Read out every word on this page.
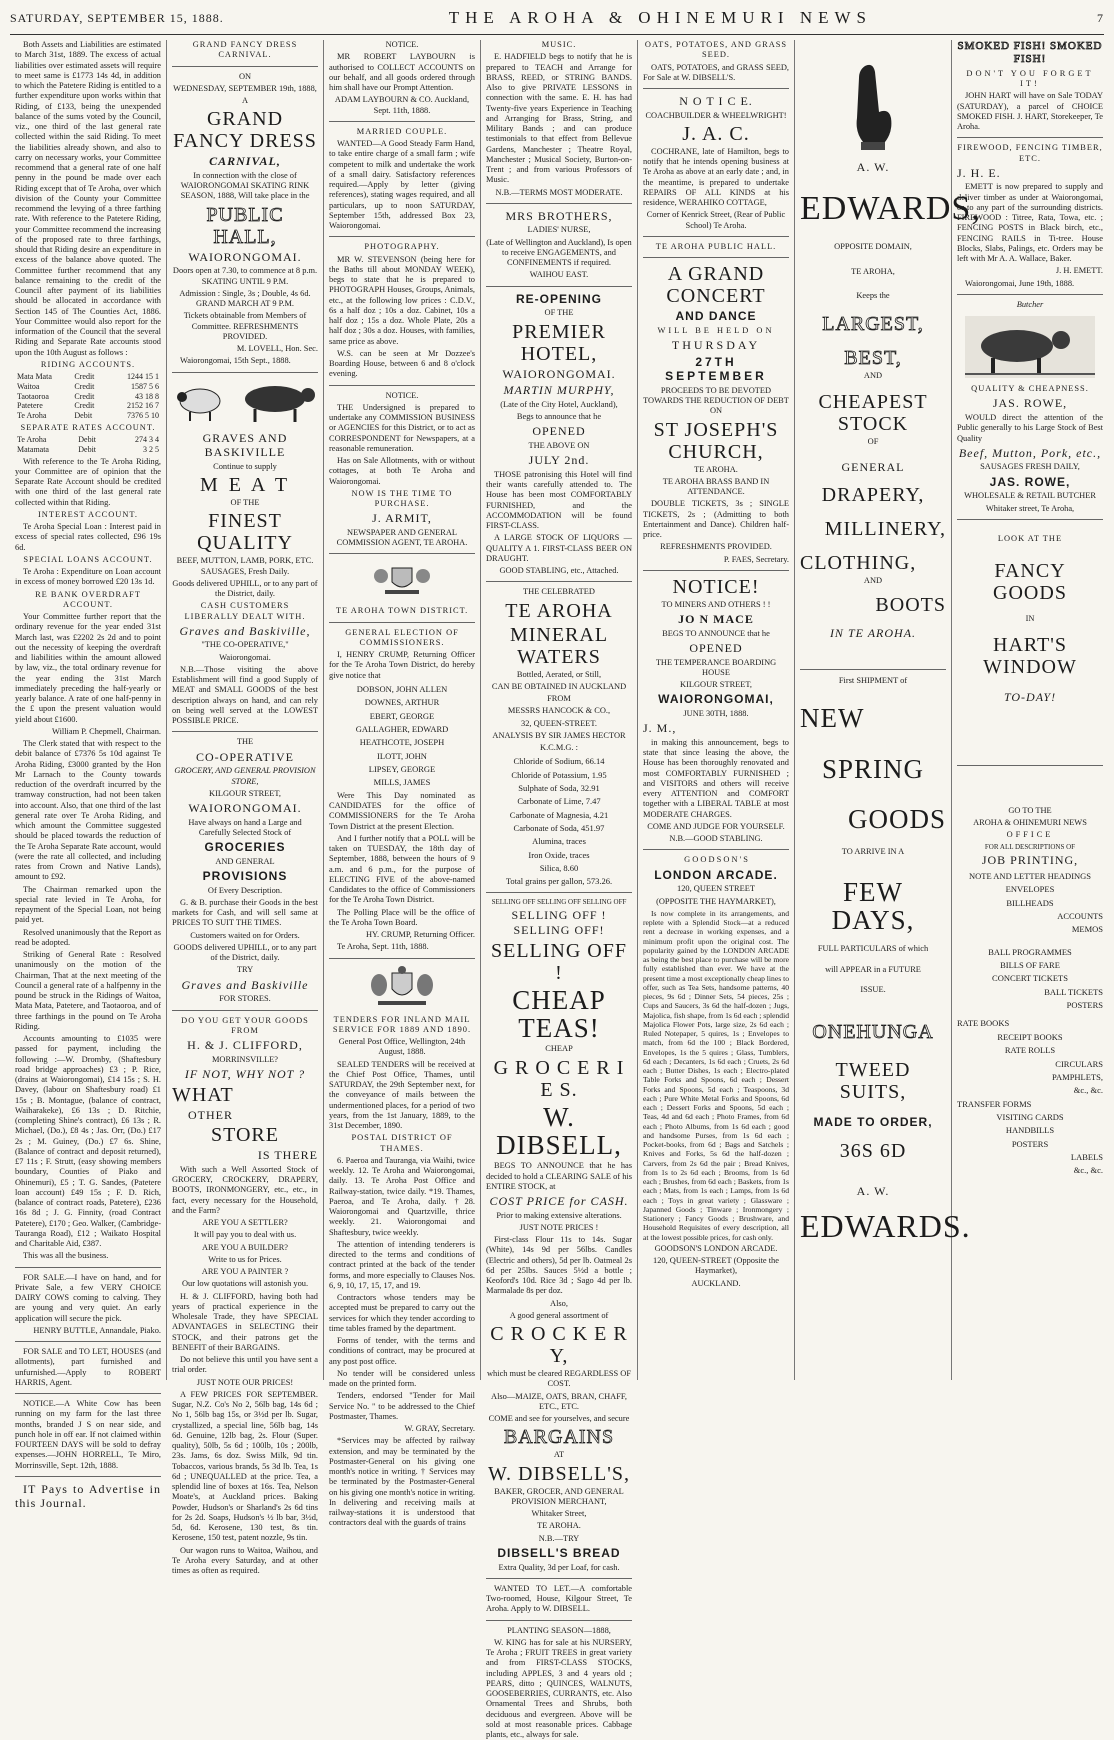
SATURDAY, SEPTEMBER 15, 1888.	THE AROHA & OHINEMURI NEWS	7

Both Assets and Liabilities are estimated to March 31st, 1889. The excess of actual liabilities over estimated assets will require to meet same is £1773 14s 4d, in addition to which the Patetere Riding is entitled to a further expenditure upon works within that Riding, of £133, being the unexpended balance of the sums voted by the Council, viz., one third of the last general rate collected within the said Riding. To meet the liabilities already shown, and also to carry on necessary works, your Committee recommend that a general rate of one half penny in the pound be made over each Riding except that of Te Aroha, over which division of the County your Committee recommend the levying of a three farthing rate. With reference to the Patetere Riding, your Committee recommend the increasing of the proposed rate to three farthings, should that Riding desire an expenditure in excess of the balance above quoted. The Committee further recommend that any balance remaining to the credit of the Council after payment of its liabilities should be allocated in accordance with Section 145 of The Counties Act, 1886. Your Committee would also report for the information of the Council that the several Riding and Separate Rate accounts stood upon the 10th August as follows :

RIDING ACCOUNTS.

Mata Mata	Credit	1244 15 1
Waitoa	Credit	1587 5 6
Taotaoroa	Credit	43 18 8
Patetere	Credit	2152 16 7
Te Aroha	Debit	7376 5 10

SEPARATE RATES ACCOUNT.

Te Aroha	Debit	274 3 4
Matamata	Debit	3 2 5

With reference to the Te Aroha Riding, your Committee are of opinion that the Separate Rate Account should be credited with one third of the last general rate collected within that Riding.

INTEREST ACCOUNT.

Te Aroha Special Loan : Interest paid in excess of special rates collected, £96 19s 6d.

SPECIAL LOANS ACCOUNT.

Te Aroha : Expenditure on Loan account in excess of money borrowed £20 13s 1d.

RE BANK OVERDRAFT ACCOUNT.

Your Committee further report that the ordinary revenue for the year ended 31st March last, was £2202 2s 2d and to point out the necessity of keeping the overdraft and liabilities within the amount allowed by law, viz., the total ordinary revenue for the year ending the 31st March immediately preceding the half-yearly or yearly balance. A rate of one half-penny in the £ upon the present valuation would yield about £1600.

William P. Chepmell, Chairman.

The Clerk stated that with respect to the debit balance of £7376 5s 10d against Te Aroha Riding, £3000 granted by the Hon Mr Larnach to the County towards reduction of the overdraft incurred by the tramway construction, had not been taken into account. Also, that one third of the last general rate over Te Aroha Riding, and which amount the Committee suggested should be placed towards the reduction of the Te Aroha Separate Rate account, would (were the rate all collected, and including rates from Crown and Native Lands), amount to £92.

The Chairman remarked upon the special rate levied in Te Aroha, for repayment of the Special Loan, not being paid yet.

Resolved unanimously that the Report as read be adopted.

Striking of General Rate : Resolved unanimously on the motion of the Chairman, That at the next meeting of the Council a general rate of a halfpenny in the pound be struck in the Ridings of Waitoa, Mata Mata, Patetere, and Taotaoroa, and of three farthings in the pound on Te Aroha Riding.

Accounts amounting to £1035 were passed for payment, including the following :—W. Dromby, (Shaftesbury road bridge approaches) £3 ; P. Rice, (drains at Waiorongomai), £14 15s ; S. H. Davey, (labour on Shaftesbury road) £1 15s ; B. Montague, (balance of contract, Waiharakeke), £6 13s ; D. Ritchie, (completing Shine's contract), £6 13s ; R. Michael, (Do.), £8 4s ; Jas. Orr, (Do.) £17 2s ; M. Guiney, (Do.) £7 6s. Shine, (Balance of contract and deposit returned), £7 11s ; F. Strutt, (easy showing members boundary, Counties of Piako and Ohinemuri), £5 ; T. G. Sandes, (Patetere loan account) £49 15s ; F. D. Rich, (balance of contract roads, Patetere), £236 16s 8d ; J. G. Finnity, (road Contract Patetere), £170 ; Geo. Walker, (Cambridge-Tauranga Road), £12 ; Waikato Hospital and Charitable Aid, £387.

This was all the business.

FOR SALE.—I have on hand, and for Private Sale, a few VERY CHOICE DAIRY COWS coming to calving. They are young and very quiet. An early application will secure the pick.

HENRY BUTTLE, Annandale, Piako.

FOR SALE and TO LET, HOUSES (and allotments), part furnished and unfurnished.—Apply to ROBERT HARRIS, Agent.

NOTICE.—A White Cow has been running on my farm for the last three months, branded J S on near side, and punch hole in off ear. If not claimed within FOURTEEN DAYS will be sold to defray expenses.—JOHN HORRELL, Te Miro, Morrinsville, Sept. 12th, 1888.

IT Pays to Advertise in this Journal.

GRAND FANCY DRESS CARNIVAL.

ON

WEDNESDAY, SEPTEMBER 19th, 1888,

A

GRAND FANCY DRESS

CARNIVAL,

In connection with the close of WAIORONGOMAI SKATING RINK SEASON, 1888, Will take place in the

PUBLIC HALL,

WAIORONGOMAI.

Doors open at 7.30, to commence at 8 p.m. SKATING UNTIL 9 P.M.

Admission : Single, 3s ; Double, 4s 6d. GRAND MARCH AT 9 P.M.

Tickets obtainable from Members of Committee. REFRESHMENTS PROVIDED.

M. LOVELL, Hon. Sec.

Waiorongomai, 15th Sept., 1888.

GRAVES AND BASKIVILLE

Continue to supply

M E A T

OF THE

FINEST QUALITY

BEEF, MUTTON, LAMB, PORK, ETC. SAUSAGES, Fresh Daily.

Goods delivered UPHILL, or to any part of the District, daily.

CASH CUSTOMERS LIBERALLY DEALT WITH.

Graves and Baskiville,

"THE CO-OPERATIVE,"

Waiorongomai.

N.B.—Those visiting the above Establishment will find a good Supply of MEAT and SMALL GOODS of the best description always on hand, and can rely on being well served at the LOWEST POSSIBLE PRICE.

THE

CO-OPERATIVE

GROCERY, AND GENERAL PROVISION STORE,

KILGOUR STREET,

WAIORONGOMAI.

Have always on hand a Large and Carefully Selected Stock of

GROCERIES

AND GENERAL

PROVISIONS

Of Every Description.

G. & B. purchase their Goods in the best markets for Cash, and will sell same at PRICES TO SUIT THE TIMES.

Customers waited on for Orders.

GOODS delivered UPHILL, or to any part of the District, daily.

TRY

Graves and Baskiville

FOR STORES.

DO YOU GET YOUR GOODS FROM

H. & J. CLIFFORD,

MORRINSVILLE?

IF NOT, WHY NOT ?

WHAT

OTHER

STORE

IS THERE

With such a Well Assorted Stock of GROCERY, CROCKERY, DRAPERY, BOOTS, IRONMONGERY, etc., etc., in fact, every necessary for the Household, and the Farm?

ARE YOU A SETTLER?

It will pay you to deal with us.

ARE YOU A BUILDER?

Write to us for Prices.

ARE YOU A PAINTER ?

Our low quotations will astonish you.

H. & J. CLIFFORD, having both had years of practical experience in the Wholesale Trade, they have SPECIAL ADVANTAGES in SELECTING their STOCK, and their patrons get the BENEFIT of their BARGAINS.

Do not believe this until you have sent a trial order.

JUST NOTE OUR PRICES!

A FEW PRICES FOR SEPTEMBER. Sugar, N.Z. Co's No 2, 56lb bag, 14s 6d ; No 1, 56lb bag 15s, or 3½d per lb. Sugar, crystallized, a special line, 56lb bag, 14s 6d. Genuine, 12lb bag, 2s. Flour (Super. quality), 50lb, 5s 6d ; 100lb, 10s ; 200lb, 23s. Jams, 6s doz. Swiss Milk, 9d tin. Tobaccos, various brands, 5s 3d lb. Tea, 1s 6d ; UNEQUALLED at the price. Tea, a splendid line of boxes at 16s. Tea, Nelson Moate's, at Auckland prices. Baking Powder, Hudson's or Sharland's 2s 6d tins for 2s 2d. Soaps, Hudson's ½ lb bar, 3½d, 5d, 6d. Kerosene, 130 test, 8s tin. Kerosene, 150 test, patent nozzle, 9s tin.

Our wagon runs to Waitoa, Waihou, and Te Aroha every Saturday, and at other times as often as required.

NOTICE.

MR ROBERT LAYBOURN is authorised to COLLECT ACCOUNTS on our behalf, and all goods ordered through him shall have our Prompt Attention.

ADAM LAYBOURN & CO. Auckland, Sept. 11th, 1888.

MARRIED COUPLE.

WANTED—A Good Steady Farm Hand, to take entire charge of a small farm ; wife competent to milk and undertake the work of a small dairy. Satisfactory references required.—Apply by letter (giving references), stating wages required, and all particulars, up to noon SATURDAY, September 15th, addressed Box 23, Waiorongomai.

PHOTOGRAPHY.

MR W. STEVENSON (being here for the Baths till about MONDAY WEEK), begs to state that he is prepared to PHOTOGRAPH Houses, Groups, Animals, etc., at the following low prices : C.D.V., 6s a half doz ; 10s a doz. Cabinet, 10s a half doz ; 15s a doz. Whole Plate, 20s a half doz ; 30s a doz. Houses, with families, same price as above.

W.S. can be seen at Mr Dozzee's Boarding House, between 6 and 8 o'clock evening.

NOTICE.

THE Undersigned is prepared to undertake any COMMISSION BUSINESS or AGENCIES for this District, or to act as CORRESPONDENT for Newspapers, at a reasonable remuneration.

Has on Sale Allotments, with or without cottages, at both Te Aroha and Waiorongomai.

NOW IS THE TIME TO PURCHASE.

J. ARMIT,

NEWSPAPER AND GENERAL COMMISSION AGENT, TE AROHA.

TE AROHA TOWN DISTRICT.

GENERAL ELECTION OF COMMISSIONERS.

I, HENRY CRUMP, Returning Officer for the Te Aroha Town District, do hereby give notice that

DOBSON, JOHN ALLEN
DOWNES, ARTHUR
EBERT, GEORGE
GALLAGHER, EDWARD
HEATHCOTE, JOSEPH
ILOTT, JOHN
LIPSEY, GEORGE
MILLS, JAMES

Were This Day nominated as CANDIDATES for the office of COMMISSIONERS for the Te Aroha Town District at the present Election.

And I further notify that a POLL will be taken on TUESDAY, the 18th day of September, 1888, between the hours of 9 a.m. and 6 p.m., for the purpose of ELECTING FIVE of the above-named Candidates to the office of Commissioners for the Te Aroha Town District.

The Polling Place will be the office of the Te Aroha Town Board.

HY. CRUMP, Returning Officer.

Te Aroha, Sept. 11th, 1888.

TENDERS FOR INLAND MAIL SERVICE FOR 1889 AND 1890.

General Post Office, Wellington, 24th August, 1888.

SEALED TENDERS will be received at the Chief Post Office, Thames, until SATURDAY, the 29th September next, for the conveyance of mails between the undermentioned places, for a period of two years, from the 1st January, 1889, to the 31st December, 1890.

POSTAL DISTRICT OF THAMES.

6. Paeroa and Tauranga, via Waihi, twice weekly. 12. Te Aroha and Waiorongomai, daily. 13. Te Aroha Post Office and Railway-station, twice daily. *19. Thames, Paeroa, and Te Aroha, daily. †28. Waiorongomai and Quartzville, thrice weekly. 21. Waiorongomai and Shaftesbury, twice weekly.

The attention of intending tenderers is directed to the terms and conditions of contract printed at the back of the tender forms, and more especially to Clauses Nos. 6, 9, 10, 17, 15, 17, and 19.

Contractors whose tenders may be accepted must be prepared to carry out the services for which they tender according to time tables framed by the department.

Forms of tender, with the terms and conditions of contract, may be procured at any post post office.

No tender will be considered unless made on the printed form.

Tenders, endorsed "Tender for Mail Service No. " to be addressed to the Chief Postmaster, Thames.

W. GRAY, Secretary.

*Services may be affected by railway extension, and may be terminated by the Postmaster-General on his giving one month's notice in writing. † Services may be terminated by the Postmaster-General on his giving one month's notice in writing. In delivering and receiving mails at railway-stations it is understood that contractors deal with the guards of trains

MUSIC.

E. HADFIELD begs to notify that he is prepared to TEACH and Arrange for BRASS, REED, or STRING BANDS. Also to give PRIVATE LESSONS in connection with the same. E. H. has had Twenty-five years Experience in Teaching and Arranging for Brass, String, and Military Bands ; and can produce testimonials to that effect from Bellevue Gardens, Manchester ; Theatre Royal, Manchester ; Musical Society, Burton-on-Trent ; and from various Professors of Music.

N.B.—TERMS MOST MODERATE.

MRS BROTHERS,

LADIES' NURSE,

(Late of Wellington and Auckland), Is open to receive ENGAGEMENTS, and CONFINEMENTS if required.

WAIHOU EAST.

RE-OPENING

OF THE

PREMIER HOTEL,

WAIORONGOMAI.

MARTIN MURPHY,

(Late of the City Hotel, Auckland),

Begs to announce that he

OPENED

THE ABOVE ON

JULY 2nd.

THOSE patronising this Hotel will find their wants carefully attended to. The House has been most COMFORTABLY FURNISHED, and the ACCOMMODATION will be found FIRST-CLASS.

A LARGE STOCK OF LIQUORS —QUALITY A 1. FIRST-CLASS BEER ON DRAUGHT.

GOOD STABLING, etc., Attached.

THE CELEBRATED

TE AROHA

MINERAL WATERS

Bottled, Aerated, or Still,

CAN BE OBTAINED IN AUCKLAND

FROM

MESSRS HANCOCK & CO.,

32, QUEEN-STREET.

ANALYSIS BY SIR JAMES HECTOR

K.C.M.G. :

Chloride of Sodium, 66.14
Chloride of Potassium, 1.95
Sulphate of Soda, 32.91
Carbonate of Lime, 7.47
Carbonate of Magnesia, 4.21
Carbonate of Soda, 451.97
Alumina, traces
Iron Oxide, traces
Silica, 8.60
Total grains per gallon, 573.26.

SELLING OFF SELLING OFF SELLING OFF

SELLING OFF ! SELLING OFF!

SELLING OFF !

CHEAP TEAS!

CHEAP

G R O C E R I E S.

W. DIBSELL,

BEGS TO ANNOUNCE that he has decided to hold a CLEARING SALE of his ENTIRE STOCK, at

COST PRICE for CASH.

Prior to making extensive alterations.

JUST NOTE PRICES !

First-class Flour 11s to 14s. Sugar (White), 14s 9d per 56lbs. Candles (Electric and others), 5d per lb. Oatmeal 2s 6d per 25lbs. Sauces 5½d a bottle ; Keoford's 10d. Rice 3d ; Sago 4d per lb. Marmalade 8s per doz.

Also,

A good general assortment of

C R O C K E R Y,

which must be cleared REGARDLESS OF COST.

Also—MAIZE, OATS, BRAN, CHAFF, ETC., ETC.

COME and see for yourselves, and secure

BARGAINS

AT

W. DIBSELL'S,

BAKER, GROCER, AND GENERAL PROVISION MERCHANT,

Whitaker Street,

TE AROHA.

N.B.—TRY

DIBSELL'S BREAD

Extra Quality, 3d per Loaf, for cash.

WANTED TO LET.—A comfortable Two-roomed, House, Kilgour Street, Te Aroha. Apply to W. DIBSELL.

PLANTING SEASON—1888,

W. KING has for sale at his NURSERY, Te Aroha ; FRUIT TREES in great variety and from FIRST-CLASS STOCKS, including APPLES, 3 and 4 years old ; PEARS, ditto ; QUINCES, WALNUTS, GOOSEBERRIES, CURRANTS, etc. Also Ornamental Trees and Shrubs, both deciduous and evergreen. Above will be sold at most reasonable prices. Cabbage plants, etc., always for sale.

OATS, POTATOES, AND GRASS SEED.

OATS, POTATOES, and GRASS SEED, For Sale at W. DIBSELL'S.

N O T I C E.

COACHBUILDER & WHEELWRIGHT!

J. A. C.

COCHRANE, late of Hamilton, begs to notify that he intends opening business at Te Aroha as above at an early date ; and, in the meantime, is prepared to undertake REPAIRS OF ALL KINDS at his residence, WERAHIKO COTTAGE,

Corner of Kenrick Street, (Rear of Public School) Te Aroha.

TE AROHA PUBLIC HALL.

A GRAND CONCERT

AND DANCE

WILL BE HELD ON

THURSDAY

27TH SEPTEMBER

PROCEEDS TO BE DEVOTED TOWARDS THE REDUCTION OF DEBT ON

ST JOSEPH'S CHURCH,

TE AROHA.

TE AROHA BRASS BAND IN ATTENDANCE.

DOUBLE TICKETS, 3s ; SINGLE TICKETS, 2s ; (Admitting to both Entertainment and Dance). Children half-price.

REFRESHMENTS PROVIDED.

P. FAES, Secretary.

NOTICE!

TO MINERS AND OTHERS ! !

JO N MACE

BEGS TO ANNOUNCE that he

OPENED

THE TEMPERANCE BOARDING HOUSE

KILGOUR STREET,

WAIORONGOMAI,

JUNE 30TH, 1888.

J. M.,

in making this announcement, begs to state that since leasing the above, the House has been thoroughly renovated and most COMFORTABLY FURNISHED ; and VISITORS and others will receive every ATTENTION and COMFORT together with a LIBERAL TABLE at most MODERATE CHARGES.

COME AND JUDGE FOR YOURSELF.

N.B.—GOOD STABLING.

G O O D S O N ' S

LONDON ARCADE.

120, QUEEN STREET

(OPPOSITE THE HAYMARKET),

Is now complete in its arrangements, and replete with a Splendid Stock—at a reduced rent a decrease in working expenses, and a minimum profit upon the original cost. The popularity gained by the LONDON ARCADE as being the best place to purchase will be more fully established than ever. We have at the present time a most exceptionally cheap lines to offer, such as Tea Sets, handsome patterns, 40 pieces, 9s 6d ; Dinner Sets, 54 pieces, 25s ; Cups and Saucers, 3s 6d the half-dozen ; Jugs, Majolica, fish shape, from 1s 6d each ; splendid Majolica Flower Pots, large size, 2s 6d each ; Ruled Notepaper, 5 quires, 1s ; Envelopes to match, from 6d the 100 ; Black Bordered, Envelopes, 1s the 5 quires ; Glass, Tumblers, 6d each ; Decanters, 1s 6d each ; Cruets, 2s 6d each ; Butter Dishes, 1s each ; Electro-plated Table Forks and Spoons, 6d each ; Dessert Forks and Spoons, 5d each ; Teaspoons, 3d each ; Pure White Metal Forks and Spoons, 6d each ; Dessert Forks and Spoons, 5d each ; Teas, 4d and 6d each ; Photo Frames, from 6d each ; Photo Albums, from 1s 6d each ; good and handsome Purses, from 1s 6d each ; Pocket-books, from 6d ; Bags and Satchels ; Knives and Forks, 5s 6d the half-dozen ; Carvers, from 2s 6d the pair ; Bread Knives, from 1s to 2s 6d each ; Brooms, from 1s 6d each ; Brushes, from 6d each ; Baskets, from 1s each ; Mats, from 1s each ; Lamps, from 1s 6d each ; Toys in great variety ; Glassware ; Japanned Goods ; Tinware ; Ironmongery ; Stationery ; Fancy Goods ; Brushware, and Household Requisites of every description, all at the lowest possible prices, for cash only.

GOODSON'S LONDON ARCADE.

120, QUEEN-STREET (Opposite the Haymarket),

AUCKLAND.

A. W.

EDWARDS,

OPPOSITE DOMAIN,

TE AROHA,

Keeps the

LARGEST,

BEST,

AND

CHEAPEST STOCK

OF

GENERAL

DRAPERY,

MILLINERY,

CLOTHING,

AND

BOOTS

IN TE AROHA.

First SHIPMENT of

NEW

SPRING

GOODS

TO ARRIVE IN A

FEW DAYS,

FULL PARTICULARS of which

will APPEAR in a FUTURE

ISSUE.

ONEHUNGA

TWEED SUITS,

MADE TO ORDER,

36S 6D

A. W.

EDWARDS.

SMOKED FISH! SMOKED FISH!

DON'T YOU FORGET IT!

JOHN HART will have on Sale TODAY (SATURDAY), a parcel of CHOICE SMOKED FISH. J. HART, Storekeeper, Te Aroha.

FIREWOOD, FENCING TIMBER, ETC.

J. H. E.

EMETT is now prepared to supply and deliver timber as under at Waiorongomai, or to any part of the surrounding districts. FIREWOOD : Titree, Rata, Towa, etc. ; FENCING POSTS in Black birch, etc., FENCING RAILS in Ti-tree. House Blocks, Slabs, Palings, etc. Orders may be left with Mr A. A. Wallace, Baker.

J. H. EMETT.

Waiorongomai, June 19th, 1888.

Butcher

QUALITY & CHEAPNESS.

JAS. ROWE,

WOULD direct the attention of the Public generally to his Large Stock of Best Quality

Beef, Mutton, Pork, etc.,

SAUSAGES FRESH DAILY,

JAS. ROWE,

WHOLESALE & RETAIL BUTCHER

Whitaker street, Te Aroha,

LOOK AT THE

FANCY GOODS

IN

HART'S WINDOW

TO-DAY!

GO TO THE

AROHA & OHINEMURI NEWS

OFFICE

FOR ALL DESCRIPTIONS OF

JOB PRINTING,

NOTE AND LETTER HEADINGS
ENVELOPES
BILLHEADS
ACCOUNTS
MEMOS
BALL PROGRAMMES
BILLS OF FARE
CONCERT TICKETS
BALL TICKETS
POSTERS
RATE BOOKS
RECEIPT BOOKS
RATE ROLLS
CIRCULARS
PAMPHLETS,
&c., &c.
TRANSFER FORMS
VISITING CARDS
HANDBILLS
POSTERS
LABELS
&c., &c.
